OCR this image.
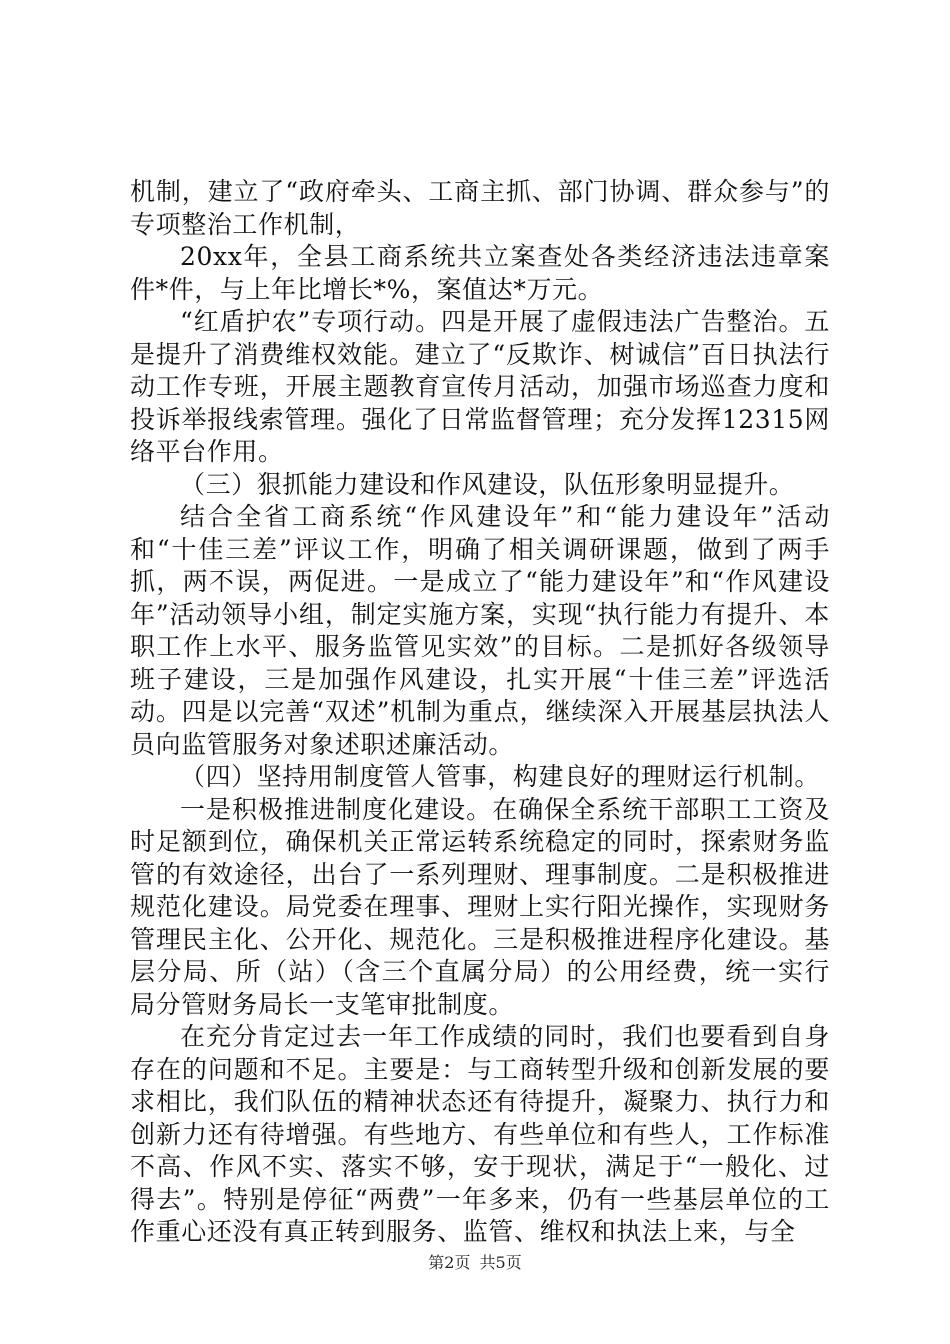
机制，建立了“政府牵头、工商主抓、部门协调、群众参与”的专项整治工作机制，

20xx年，全县工商系统共立案查处各类经济违法违章案件*件，与上年比增长*%，案值达*万元。

“红盾护农”专项行动。四是开展了虚假违法广告整治。五是提升了消费维权效能。建立了“反欺诈、树诚信”百日执法行动工作专班，开展主题教育宣传月活动，加强市场巡查力度和投诉举报线索管理。强化了日常监督管理；充分发挥12315网络平台作用。

（三）狠抓能力建设和作风建设，队伍形象明显提升。

结合全省工商系统“作风建设年”和“能力建设年”活动和“十佳三差”评议工作，明确了相关调研课题，做到了两手抓，两不误，两促进。一是成立了“能力建设年”和“作风建设年”活动领导小组，制定实施方案，实现“执行能力有提升、本职工作上水平、服务监管见实效”的目标。二是抓好各级领导班子建设，三是加强作风建设，扎实开展“十佳三差”评选活动。四是以完善“双述”机制为重点，继续深入开展基层执法人员向监管服务对象述职述廉活动。

（四）坚持用制度管人管事，构建良好的理财运行机制。

一是积极推进制度化建设。在确保全系统干部职工工资及时足额到位，确保机关正常运转系统稳定的同时，探索财务监管的有效途径，出台了一系列理财、理事制度。二是积极推进规范化建设。局党委在理事、理财上实行阳光操作，实现财务管理民主化、公开化、规范化。三是积极推进程序化建设。基层分局、所（站）（含三个直属分局）的公用经费，统一实行局分管财务局长一支笔审批制度。

在充分肯定过去一年工作成绩的同时，我们也要看到自身存在的问题和不足。主要是：与工商转型升级和创新发展的要求相比，我们队伍的精神状态还有待提升，凝聚力、执行力和创新力还有待增强。有些地方、有些单位和有些人，工作标准不高、作风不实、落实不够，安于现状，满足于“一般化、过得去”。特别是停征“两费”一年多来，仍有一些基层单位的工作重心还没有真正转到服务、监管、维权和执法上来，与全

第2页 共5页
